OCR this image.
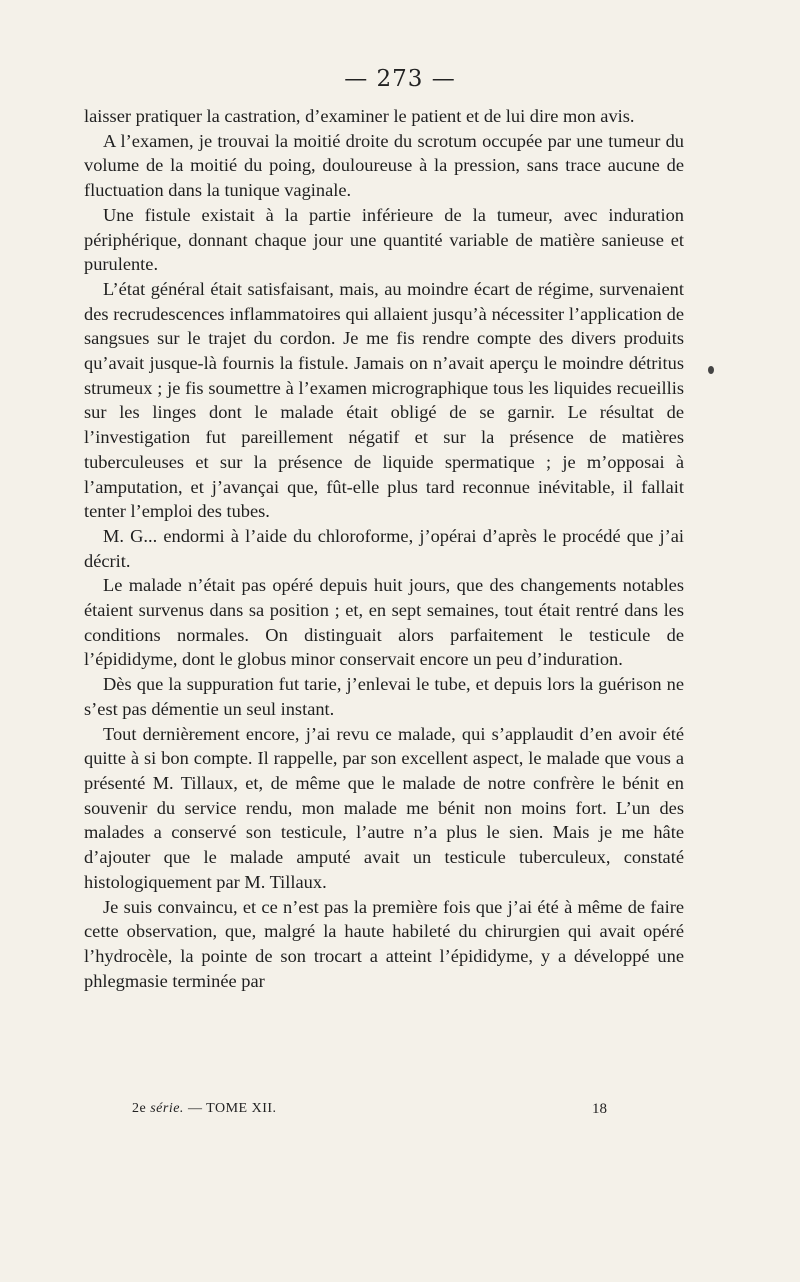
— 273 —

laisser pratiquer la castration, d’examiner le patient et de lui dire mon avis.

A l’examen, je trouvai la moitié droite du scrotum occupée par une tumeur du volume de la moitié du poing, douloureuse à la pression, sans trace aucune de fluctuation dans la tunique vaginale.

Une fistule existait à la partie inférieure de la tumeur, avec induration périphérique, donnant chaque jour une quantité variable de matière sanieuse et purulente.

L’état général était satisfaisant, mais, au moindre écart de régime, survenaient des recrudescences inflammatoires qui allaient jusqu’à nécessiter l’application de sangsues sur le trajet du cordon. Je me fis rendre compte des divers produits qu’avait jusque-là fournis la fistule. Jamais on n’avait aperçu le moindre détritus strumeux ; je fis soumettre à l’examen micrographique tous les liquides recueillis sur les linges dont le malade était obligé de se garnir. Le résultat de l’investigation fut pareillement négatif et sur la présence de matières tuberculeuses et sur la présence de liquide spermatique ; je m’opposai à l’amputation, et j’avançai que, fût-elle plus tard reconnue inévitable, il fallait tenter l’emploi des tubes.

M. G... endormi à l’aide du chloroforme, j’opérai d’après le procédé que j’ai décrit.

Le malade n’était pas opéré depuis huit jours, que des changements notables étaient survenus dans sa position ; et, en sept semaines, tout était rentré dans les conditions normales. On distinguait alors parfaitement le testicule de l’épididyme, dont le globus minor conservait encore un peu d’induration.

Dès que la suppuration fut tarie, j’enlevai le tube, et depuis lors la guérison ne s’est pas démentie un seul instant.

Tout dernièrement encore, j’ai revu ce malade, qui s’applaudit d’en avoir été quitte à si bon compte. Il rappelle, par son excellent aspect, le malade que vous a présenté M. Tillaux, et, de même que le malade de notre confrère le bénit en souvenir du service rendu, mon malade me bénit non moins fort. L’un des malades a conservé son testicule, l’autre n’a plus le sien. Mais je me hâte d’ajouter que le malade amputé avait un testicule tuberculeux, constaté histologiquement par M. Tillaux.

Je suis convaincu, et ce n’est pas la première fois que j’ai été à même de faire cette observation, que, malgré la haute habileté du chirurgien qui avait opéré l’hydrocèle, la pointe de son trocart a atteint l’épididyme, y a développé une phlegmasie terminée par

2e série. — TOME XII.	18
